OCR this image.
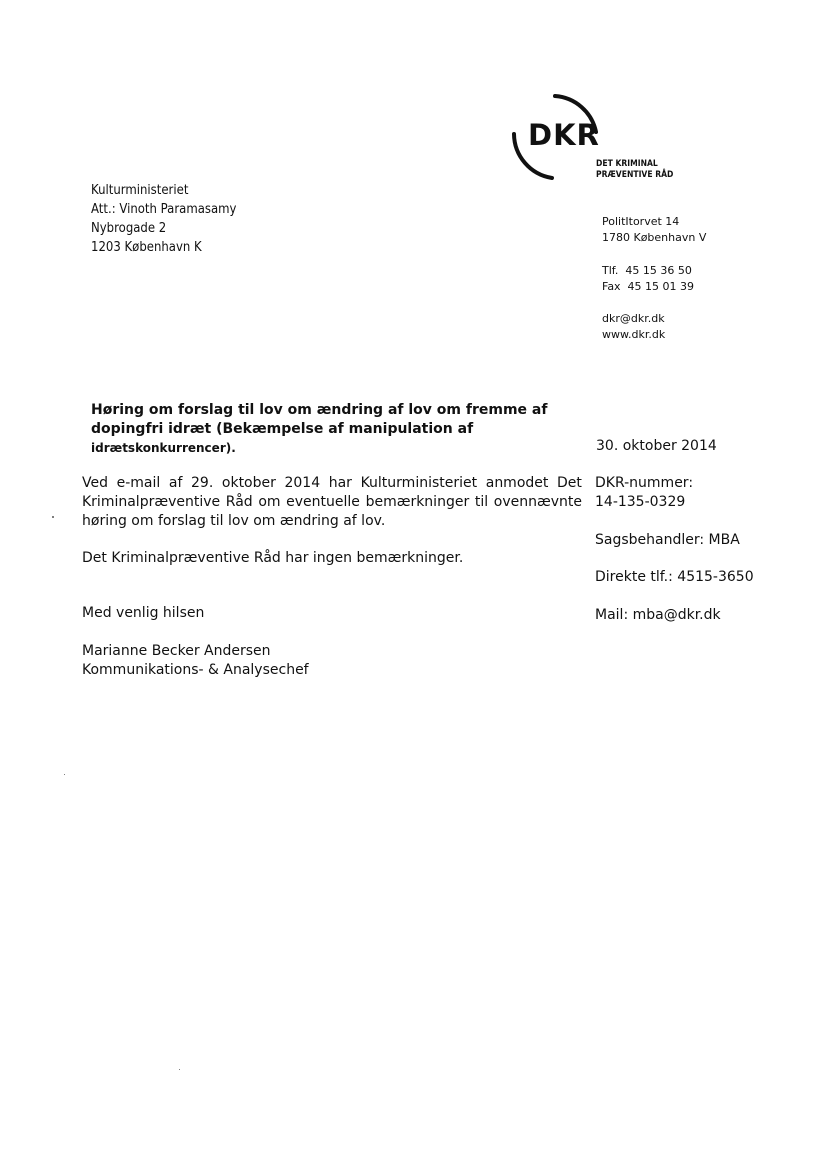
DKR
DET KRIMINAL
PRÆVENTIVE RÅD
Kulturministeriet
Att.: Vinoth Paramasamy
Nybrogade 2
1203 København K
PolitItorvet 14
1780 København V
Tlf.  45 15 36 50
Fax  45 15 01 39
dkr@dkr.dk
www.dkr.dk
Høring om forslag til lov om ændring af lov om fremme af
dopingfri idræt (Bekæmpelse af manipulation af
idrætskonkurrencer).	30. oktober 2014
Ved e-mail af 29. oktober 2014 har Kulturministeriet anmodet Det
Kriminalpræventive Råd om eventuelle bemærkninger til ovennævnte
høring om forslag til lov om ændring af lov.
Det Kriminalpræventive Råd har ingen bemærkninger.
Med venlig hilsen
Marianne Becker Andersen
Kommunikations- & Analysechef
DKR-nummer:
14-135-0329
Sagsbehandler: MBA
Direkte tlf.: 4515-3650
Mail: mba@dkr.dk
